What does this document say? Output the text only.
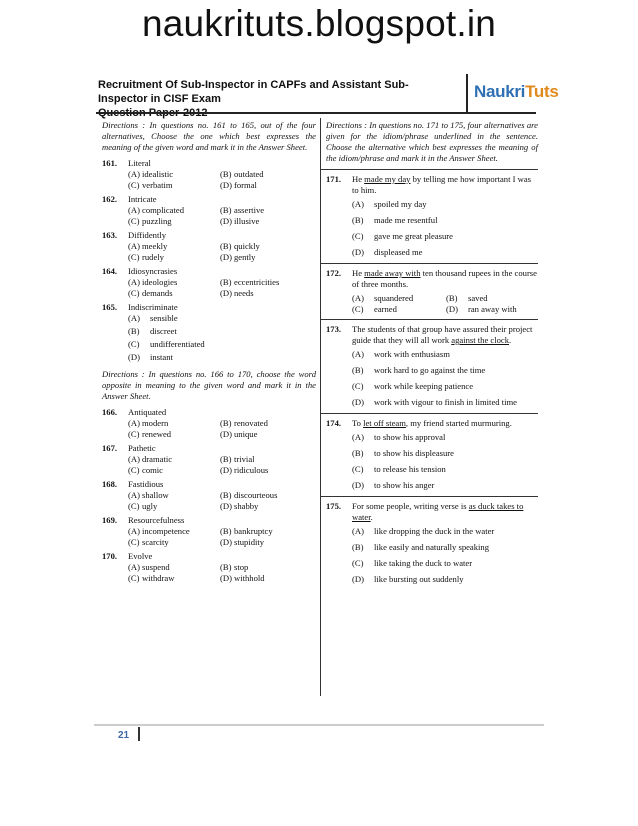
naukrituts.blogspot.in
Recruitment Of Sub-Inspector in CAPFs and Assistant Sub-Inspector in CISF Exam	NaukriTuts

Directions : In questions no. 161 to 165, out of the four alternatives, Choose the one which best expresses the meaning of the given word and mark it in the Answer Sheet.

161.	Literal
(A) idealistic	(B) outdated
(C) verbatim	(D) formal
162.	Intricate
(A) complicated	(B) assertive
(C) puzzling	(D) illusive
163.	Diffidently
(A) meekly	(B) quickly
(C) rudely	(D) gently
164.	Idiosyncrasies
(A) ideologies	(B) eccentricities
(C) demands	(D) needs
165.	Indiscriminate
(A)	sensible
(B)	discreet
(C)	undifferentiated
(D)	instant

Directions : In questions no. 166 to 170, choose the word opposite in meaning to the given word and mark it in the Answer Sheet.

166.	Antiquated
(A) modern	(B) renovated
(C) renewed	(D) unique
167.	Pathetic
(A) dramatic	(B) trivial
(C) comic	(D) ridiculous
168.	Fastidious
(A) shallow	(B) discourteous
(C) ugly	(D) shabby
169.	Resourcefulness
(A) incompetence	(B) bankruptcy
(C) scarcity	(D) stupidity
170.	Evolve
(A) suspend	(B) stop
(C) withdraw	(D) withhold

Directions : In questions no. 171 to 175, four alternatives are given for the idiom/phrase underlined in the sentence. Choose the alternative which best expresses the meaning of the idiom/phrase and mark it in the Answer Sheet.

171.	He made my day by telling me how important I was to him.
(A)	spoiled my day
(B)	made me resentful
(C)	gave me great pleasure
(D)	displeased me
172.	He made away with ten thousand rupees in the course of three months.
(A)	squandered	(B)	saved
(C)	earned	(D)	ran away with
173.	The students of that group have assured their project guide that they will all work against the clock.
(A)	work with enthusiasm
(B)	work hard to go against the time
(C)	work while keeping patience
(D)	work with vigour to finish in limited time
174.	To let off steam, my friend started murmuring.
(A)	to show his approval
(B)	to show his displeasure
(C)	to release his tension
(D)	to show his anger
175.	For some people, writing verse is as duck takes to water.
(A)	like dropping the duck in the water
(B)	like easily and naturally speaking
(C)	like taking the duck to water
(D)	like bursting out suddenly
21
